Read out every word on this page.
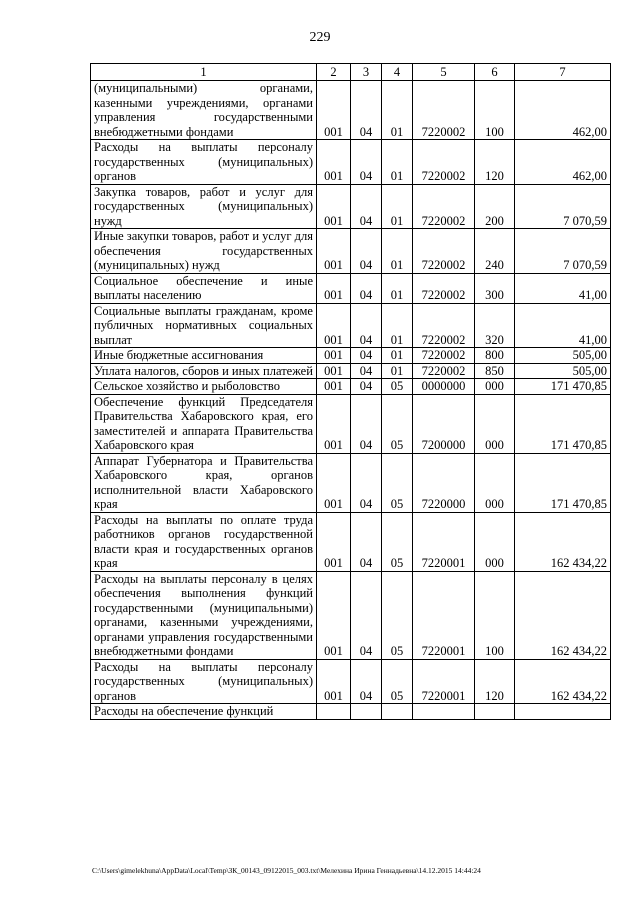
229
1	2	3	4	5	6	7
(муниципальными) органами, казенными учреждениями, органами управления государственными внебюджетными фондами	001	04	01	7220002	100	462,00
Расходы на выплаты персоналу государственных (муниципальных) органов	001	04	01	7220002	120	462,00
Закупка товаров, работ и услуг для государственных (муниципальных) нужд	001	04	01	7220002	200	7 070,59
Иные закупки товаров, работ и услуг для обеспечения государственных (муниципальных) нужд	001	04	01	7220002	240	7 070,59
Социальное обеспечение и иные выплаты населению	001	04	01	7220002	300	41,00
Социальные выплаты гражданам, кроме публичных нормативных социальных выплат	001	04	01	7220002	320	41,00
Иные бюджетные ассигнования	001	04	01	7220002	800	505,00
Уплата налогов, сборов и иных платежей	001	04	01	7220002	850	505,00
Сельское хозяйство и рыболовство	001	04	05	0000000	000	171 470,85
Обеспечение функций Председателя Правительства Хабаровского края, его заместителей и аппарата Правительства Хабаровского края	001	04	05	7200000	000	171 470,85
Аппарат Губернатора и Правительства Хабаровского края, органов исполнительной власти Хабаровского края	001	04	05	7220000	000	171 470,85
Расходы на выплаты по оплате труда работников органов государственной власти края и государственных органов края	001	04	05	7220001	000	162 434,22
Расходы на выплаты персоналу в целях обеспечения выполнения функций государственными (муниципальными) органами, казенными учреждениями, органами управления государственными внебюджетными фондами	001	04	05	7220001	100	162 434,22
Расходы на выплаты персоналу государственных (муниципальных) органов	001	04	05	7220001	120	162 434,22
Расходы на обеспечение функций						
C:\Users\gimelekhuna\AppData\Local\Temp\ЗК_00143_09122015_003.txt\Мелехина Ирина Геннадьевна\14.12.2015 14:44:24
